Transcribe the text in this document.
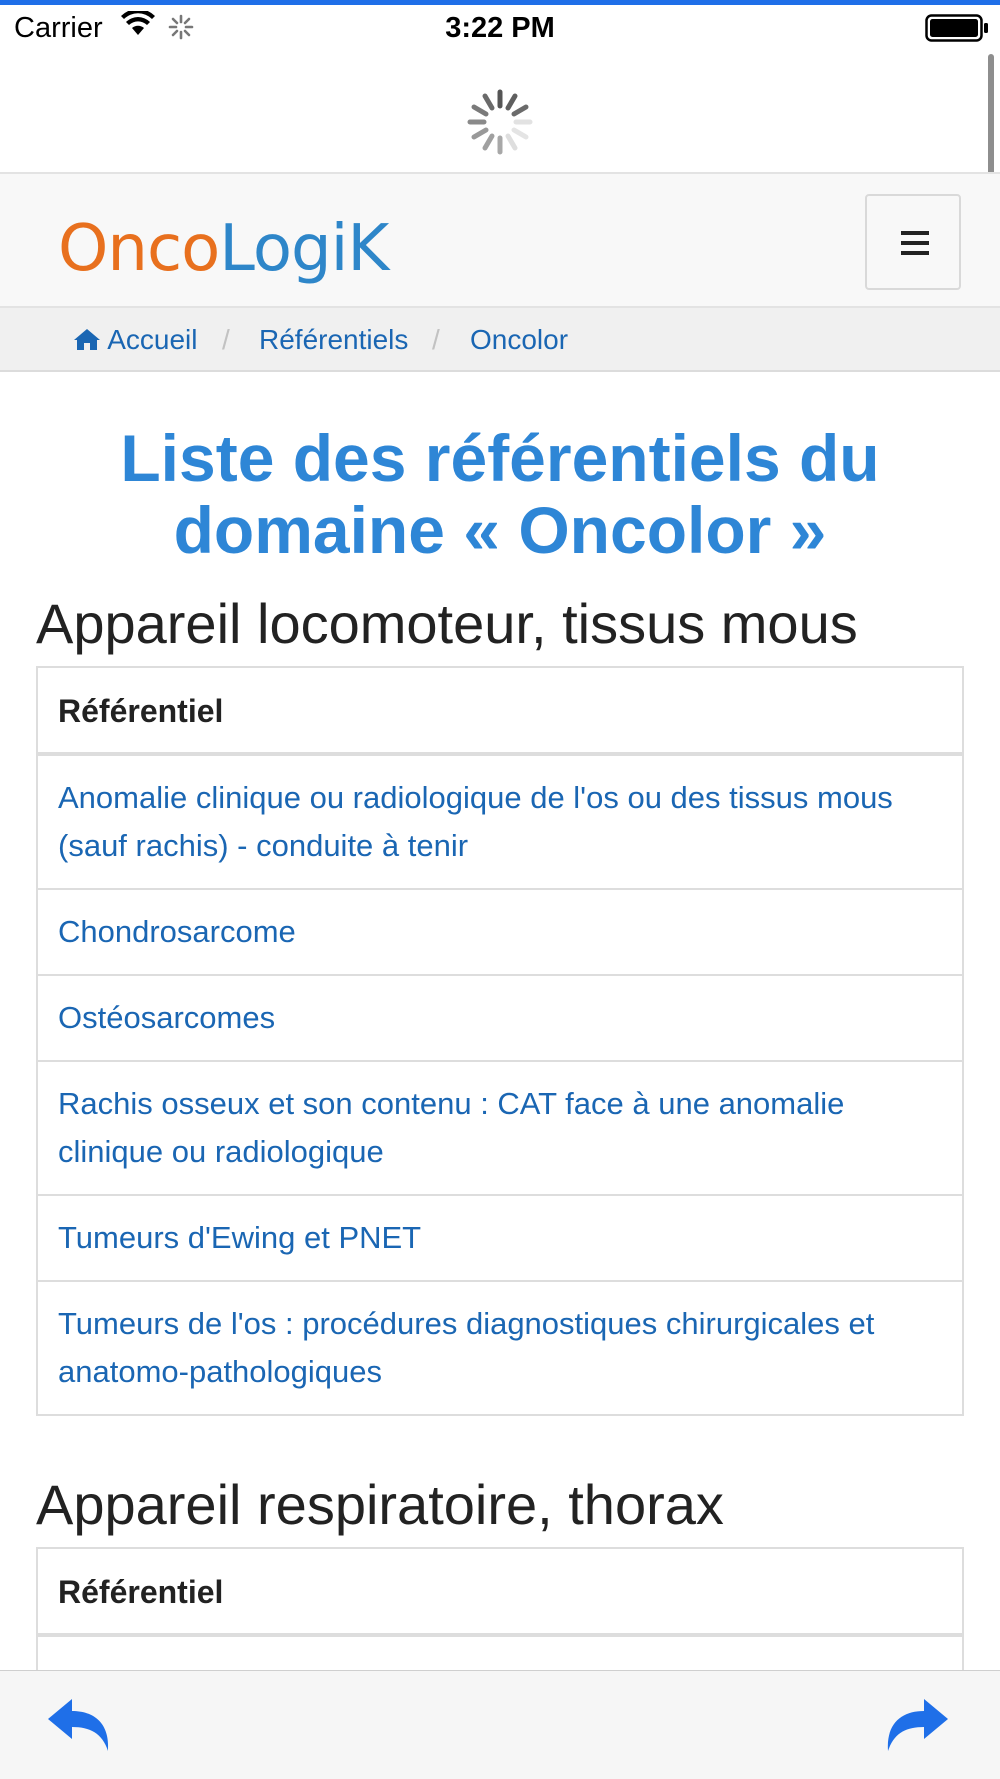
Carrier	3:22 PM
OncoLogiK
Accueil / Référentiels / Oncolor
Liste des référentiels du domaine « Oncolor »
Appareil locomoteur, tissus mous
Référentiel
Anomalie clinique ou radiologique de l'os ou des tissus mous (sauf rachis) - conduite à tenir
Chondrosarcome
Ostéosarcomes
Rachis osseux et son contenu : CAT face à une anomalie clinique ou radiologique
Tumeurs d'Ewing et PNET
Tumeurs de l'os : procédures diagnostiques chirurgicales et anatomo-pathologiques
Appareil respiratoire, thorax
Référentiel
